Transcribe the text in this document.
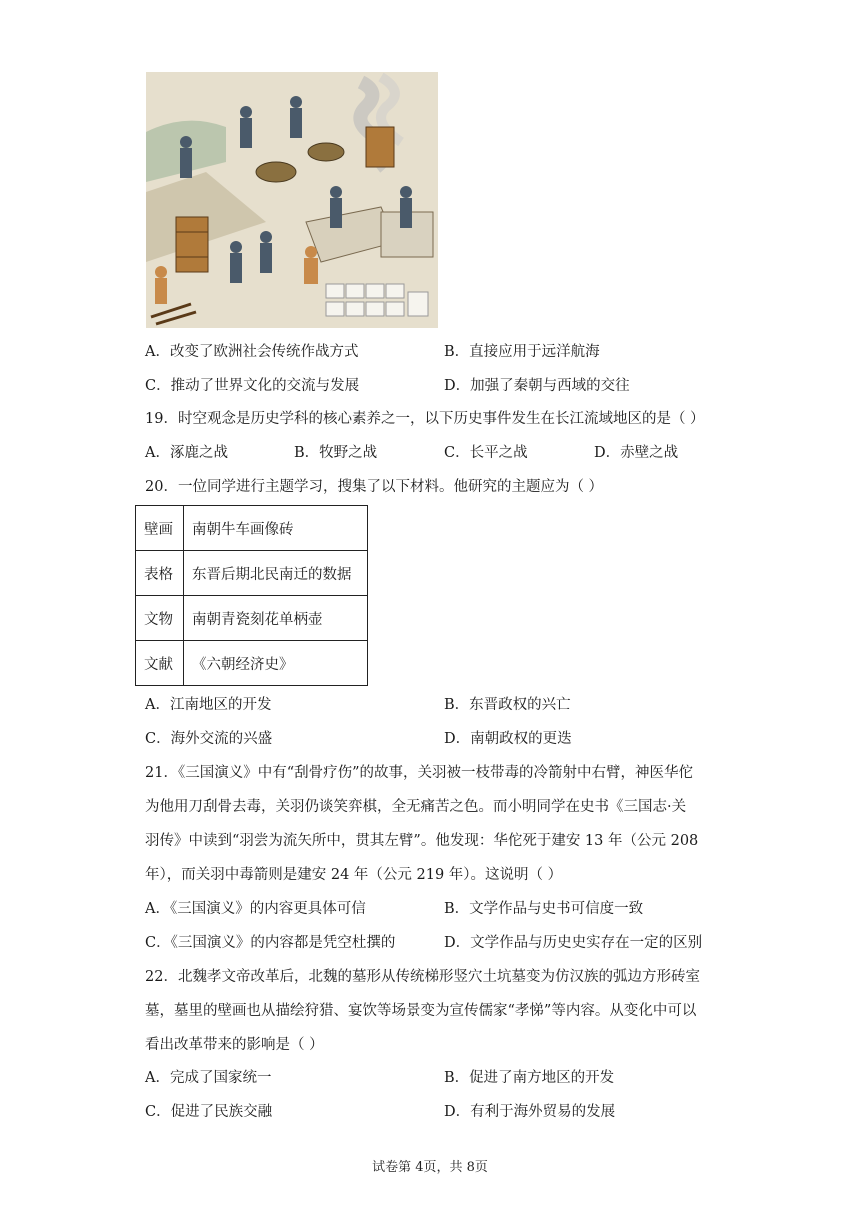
A．改变了欧洲社会传统作战方式	B．直接应用于远洋航海
C．推动了世界文化的交流与发展	D．加强了秦朝与西域的交往
19．时空观念是历史学科的核心素养之一，以下历史事件发生在长江流域地区的是（ ）
A．涿鹿之战	B．牧野之战	C．长平之战	D．赤壁之战
20．一位同学进行主题学习，搜集了以下材料。他研究的主题应为（ ）
壁画	南朝牛车画像砖
表格	东晋后期北民南迁的数据
文物	南朝青瓷刻花单柄壶
文献	《六朝经济史》
A．江南地区的开发	B．东晋政权的兴亡
C．海外交流的兴盛	D．南朝政权的更迭
21．《三国演义》中有“刮骨疗伤”的故事，关羽被一枝带毒的冷箭射中右臂，神医华佗
为他用刀刮骨去毒，关羽仍谈笑弈棋，全无痛苦之色。而小明同学在史书《三国志·关
羽传》中读到“羽尝为流矢所中，贯其左臂”。他发现：华佗死于建安 13 年（公元 208
年），而关羽中毒箭则是建安 24 年（公元 219 年）。这说明（ ）
A．《三国演义》的内容更具体可信	B．文学作品与史书可信度一致
C．《三国演义》的内容都是凭空杜撰的	D．文学作品与历史史实存在一定的区别
22．北魏孝文帝改革后，北魏的墓形从传统梯形竖穴土坑墓变为仿汉族的弧边方形砖室
墓，墓里的壁画也从描绘狩猎、宴饮等场景变为宣传儒家“孝悌”等内容。从变化中可以
看出改革带来的影响是（ ）
A．完成了国家统一	B．促进了南方地区的开发
C．促进了民族交融	D．有利于海外贸易的发展
试卷第 4页，共 8页
